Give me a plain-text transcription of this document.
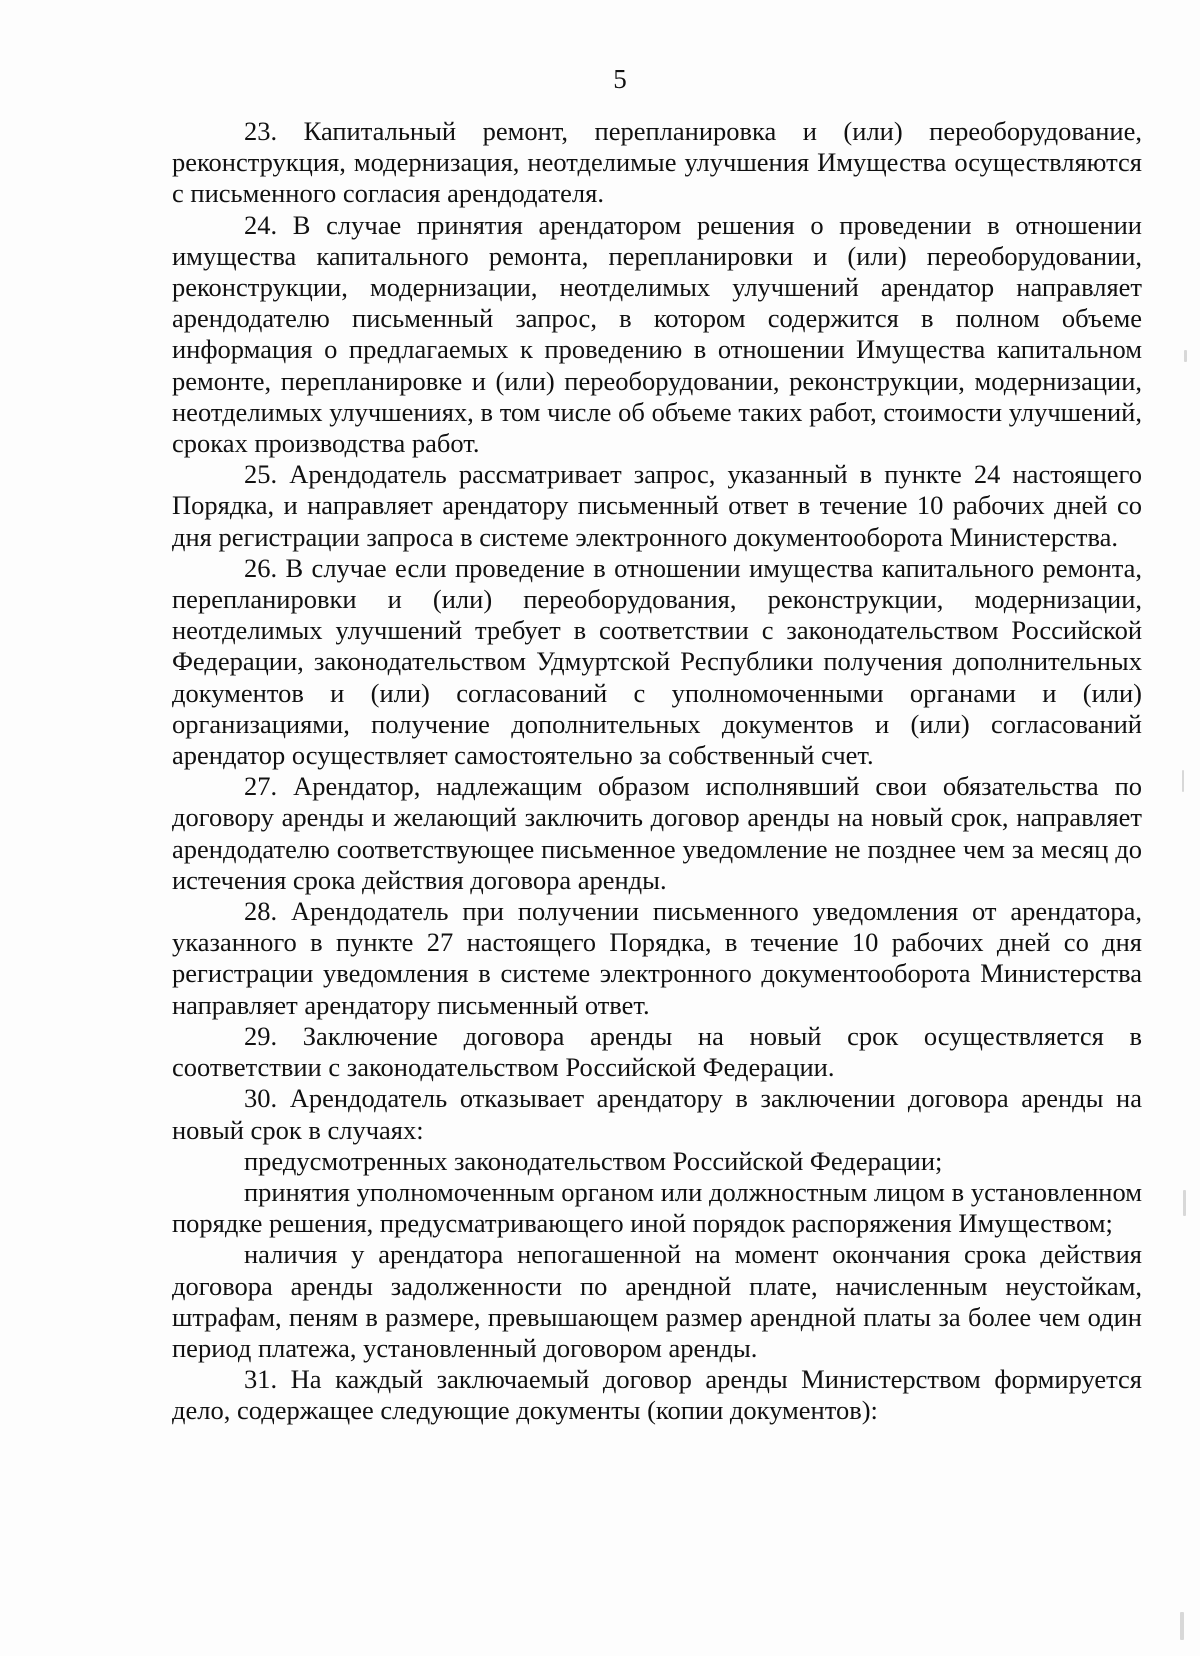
5

23. Капитальный ремонт, перепланировка и (или) переоборудование, реконструкция, модернизация, неотделимые улучшения Имущества осуществляются с письменного согласия арендодателя.

24. В случае принятия арендатором решения о проведении в отношении имущества капитального ремонта, перепланировки и (или) переоборудовании, реконструкции, модернизации, неотделимых улучшений арендатор направляет арендодателю письменный запрос, в котором содержится в полном объеме информация о предлагаемых к проведению в отношении Имущества капитальном ремонте, перепланировке и (или) переоборудовании, реконструкции, модернизации, неотделимых улучшениях, в том числе об объеме таких работ, стоимости улучшений, сроках производства работ.

25. Арендодатель рассматривает запрос, указанный в пункте 24 настоящего Порядка, и направляет арендатору письменный ответ в течение 10 рабочих дней со дня регистрации запроса в системе электронного документооборота Министерства.

26. В случае если проведение в отношении имущества капитального ремонта, перепланировки и (или) переоборудования, реконструкции, модернизации, неотделимых улучшений требует в соответствии с законодательством Российской Федерации, законодательством Удмуртской Республики получения дополнительных документов и (или) согласований с уполномоченными органами и (или) организациями, получение дополнительных документов и (или) согласований арендатор осуществляет самостоятельно за собственный счет.

27. Арендатор, надлежащим образом исполнявший свои обязательства по договору аренды и желающий заключить договор аренды на новый срок, направляет арендодателю соответствующее письменное уведомление не позднее чем за месяц до истечения срока действия договора аренды.

28. Арендодатель при получении письменного уведомления от арендатора, указанного в пункте 27 настоящего Порядка, в течение 10 рабочих дней со дня регистрации уведомления в системе электронного документооборота Министерства направляет арендатору письменный ответ.

29. Заключение договора аренды на новый срок осуществляется в соответствии с законодательством Российской Федерации.

30. Арендодатель отказывает арендатору в заключении договора аренды на новый срок в случаях:

предусмотренных законодательством Российской Федерации;

принятия уполномоченным органом или должностным лицом в установленном порядке решения, предусматривающего иной порядок распоряжения Имуществом;

наличия у арендатора непогашенной на момент окончания срока действия договора аренды задолженности по арендной плате, начисленным неустойкам, штрафам, пеням в размере, превышающем размер арендной платы за более чем один период платежа, установленный договором аренды.

31. На каждый заключаемый договор аренды Министерством формируется дело, содержащее следующие документы (копии документов):
